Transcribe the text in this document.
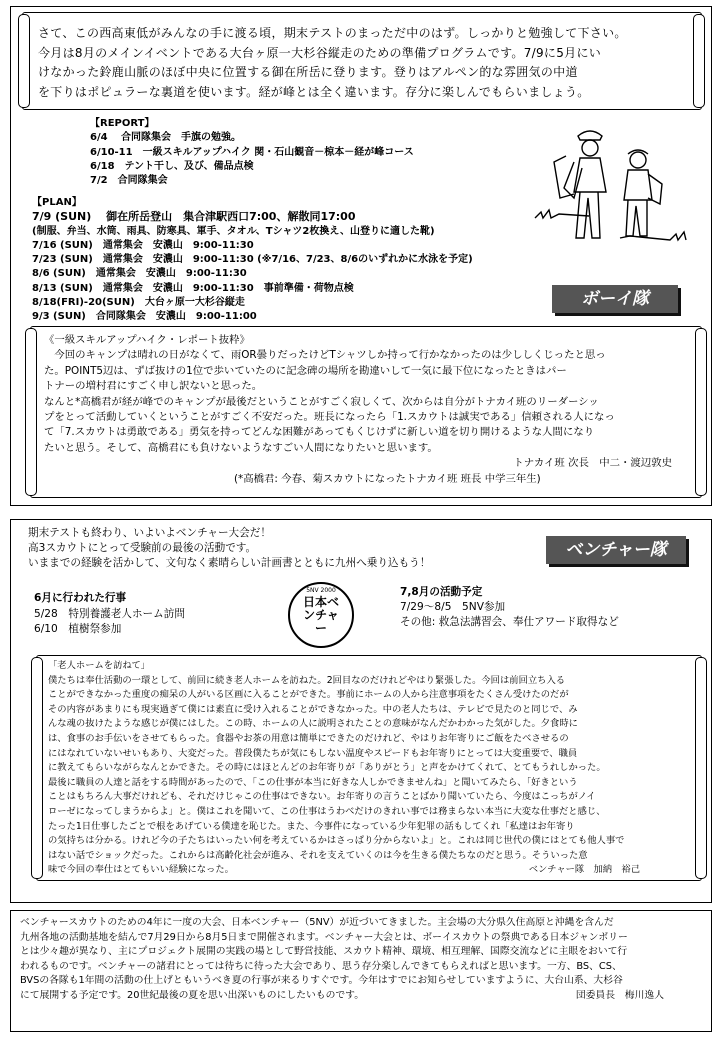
さて、この西高東低がみんなの手に渡る頃，期末テストのまっただ中のはず。しっかりと勉強して下さい。
今月は8月のメインイベントである大台ヶ原一大杉谷縦走のための準備プログラムです。7/9に5月にい
けなかった鈴鹿山脈のほぼ中央に位置する御在所岳に登ります。登りはアルペン的な雰囲気の中道
を下りはポピュラーな裏道を使います。経が峰とは全く違います。存分に楽しんでもらいましょう。
【REPORT】
6/4　 合同隊集会　手旗の勉強。
6/10-11　一級スキルアップハイク 関・石山観音－椋本－経が峰コース
6/18　テント干し、及び、備品点検
7/2　合同隊集会
【PLAN】
7/9 (SUN)　 御在所岳登山　集合津駅西口7:00、解散同17:00
(制服、弁当、水筒、雨具、防寒具、軍手、タオル、Tシャツ2枚換え、山登りに適した靴)
7/16 (SUN)　通常集会　安濃山　9:00-11:30
7/23 (SUN)　通常集会　安濃山　9:00-11:30 (※7/16、7/23、8/6のいずれかに水泳を予定)
8/6 (SUN)　通常集会　安濃山　9:00-11:30
8/13 (SUN)　通常集会　安濃山　9:00-11:30　事前準備・荷物点検
8/18(FRI)-20(SUN)　大台ヶ原一大杉谷縦走
9/3 (SUN)　合同隊集会　安濃山　9:00-11:00
ボーイ隊
《一級スキルアップハイク・レポート抜粋》
　今回のキャンプは晴れの日がなくて、雨OR曇りだったけどTシャツしか持って行かなかったのは少ししくじったと思っ
た。POINT5辺は、ずば抜けの1位で歩いていたのに記念碑の場所を勘違いして一気に最下位になったときはパー
トナーの増村君にすごく申し訳ないと思った。
なんと*高橋君が経が峰でのキャンプが最後だということがすごく寂しくて、次からは自分がトナカイ班のリーダーシッ
プをとって活動していくということがすごく不安だった。班長になったら「1.スカウトは誠実である」信頼される人になっ
て「7.スカウトは勇敢である」勇気を持ってどんな困難があってもくじけずに新しい道を切り開けるような人間になり
たいと思う。そして、高橋君にも負けないようなすごい人間になりたいと思います。
トナカイ班 次長　中二・渡辺敦史
(*高橋君: 今春、菊スカウトになったトナカイ班 班長 中学三年生)
期末テストも終わり、いよいよベンチャー大会だ！
高3スカウトにとって受験前の最後の活動です。
いままでの経験を活かして、文句なく素晴らしい計画書とともに九州へ乗り込もう！
ベンチャー隊
6月に行われた行事
5/28　特別養護老人ホーム訪問
6/10　植樹祭参加
5NV 2000
日本ベンチャー
7,8月の活動予定
7/29〜8/5　5NV参加
その他: 救急法講習会、奉仕アワード取得など
「老人ホームを訪ねて」
僕たちは奉仕活動の一環として、前回に続き老人ホームを訪ねた。2回目なのだけれどやはり緊張した。今回は前回立ち入る
ことができなかった重度の痴呆の人がいる区画に入ることができた。事前にホームの人から注意事項をたくさん受けたのだが
その内容があまりにも現実過ぎて僕には素直に受け入れることができなかった。中の老人たちは、テレビで見たのと同じで、み
んな魂の抜けたような感じが僕にはした。この時、ホームの人に説明されたことの意味がなんだかわかった気がした。夕食時に
は、食事のお手伝いをさせてもらった。食器やお茶の用意は簡単にできたのだけれど、やはりお年寄りにご飯をたべさせるの
にはなれていないせいもあり、大変だった。普段僕たちが気にもしない温度やスピードもお年寄りにとっては大変重要で、職員
に教えてもらいながらなんとかできた。その時にはほとんどのお年寄りが「ありがとう」と声をかけてくれて、とてもうれしかった。
最後に職員の人達と話をする時間があったので、「この仕事が本当に好きな人しかできませんね」と聞いてみたら、「好きという
ことはもちろん大事だけれども、それだけじゃこの仕事はできない。お年寄りの言うことばかり聞いていたら、今度はこっちがノイ
ローゼになってしまうからよ」と。僕はこれを聞いて、この仕事はうわべだけのきれい事では務まらない本当に大変な仕事だと感じ、
たった1日仕事したごとで根をあげている僕達を恥じた。また、今事件になっている少年犯罪の話もしてくれ「私達はお年寄り
の気持ちは分かる。けれど今の子たちはいったい何を考えているかはさっぱり分からないよ」と。これは同じ世代の僕にはとても他人事で
はない話でショックだった。これからは高齢化社会が進み、それを支えていくのは今を生きる僕たちなのだと思う。そういった意
味で今回の奉仕はとてもいい経験になった。	ベンチャー隊　加納　裕己
ベンチャースカウトのための4年に一度の大会、日本ベンチャー（5NV）が近づいてきました。主会場の大分県久住高原と沖縄を含んだ
九州各地の活動基地を結んで7月29日から8月5日まで開催されます。ベンチャー大会とは、ボーイスカウトの祭典である日本ジャンボリー
とは少々趣が異なり、主にプロジェクト展開の実践の場として野営技能、スカウト精神、環境、相互理解、国際交流などに主眼をおいて行
われるものです。ベンチャーの諸君にとっては待ちに待った大会であり、思う存分楽しんできてもらえればと思います。一方、BS、CS、
BVSの各隊も1年間の活動の仕上げともいうべき夏の行事が来るりすぐです。今年はすでにお知らせしていますように、大台山系、大杉谷
にて展開する予定です。20世紀最後の夏を思い出深いものにしたいものです。	団委員長　梅川逸人
